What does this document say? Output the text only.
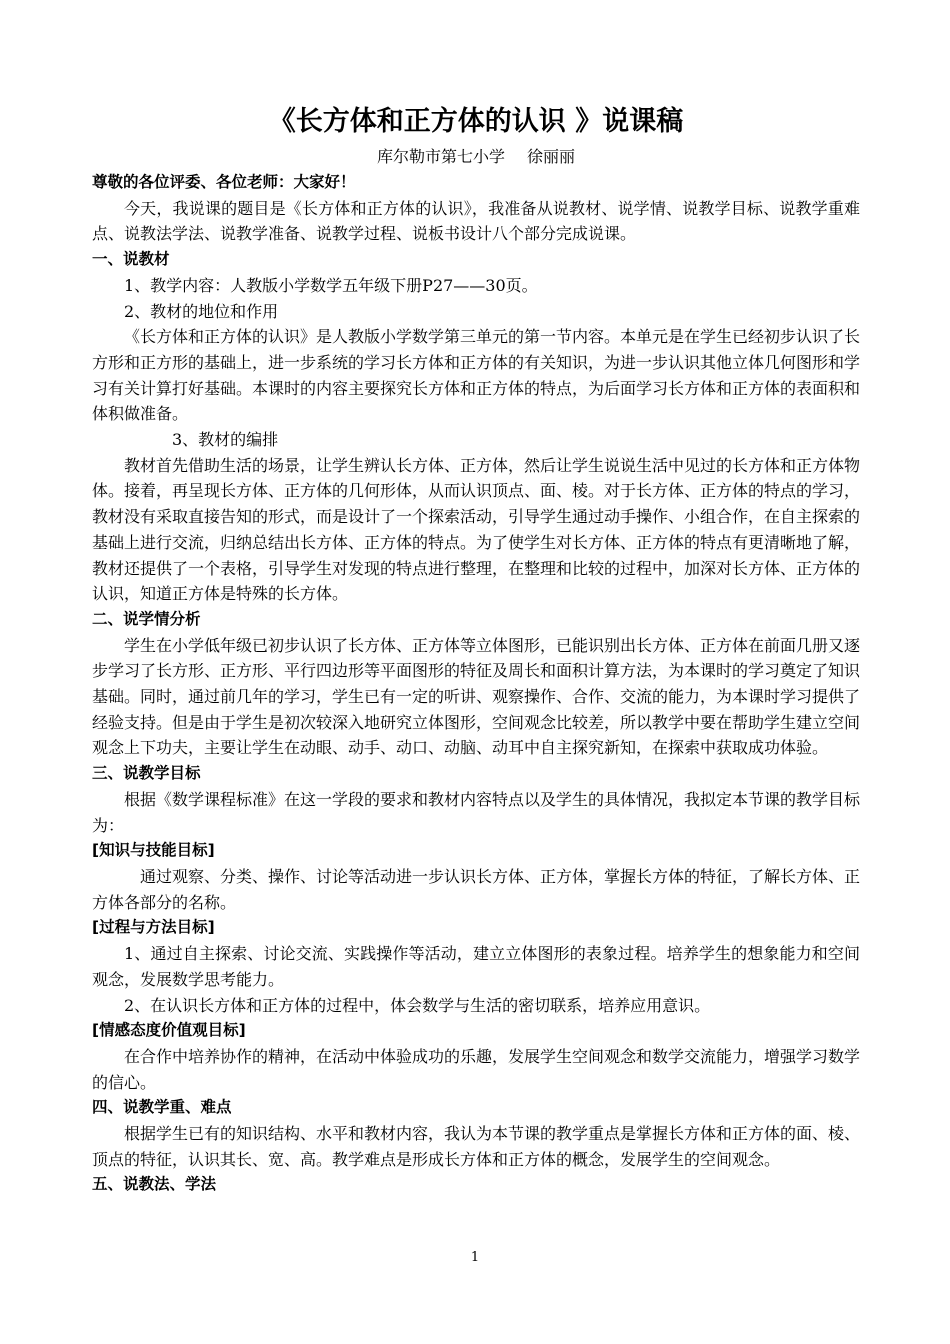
《长方体和正方体的认识 》说课稿

库尔勒市第七小学 徐丽丽

尊敬的各位评委、各位老师：大家好！

今天，我说课的题目是《长方体和正方体的认识》，我准备从说教材、说学情、说教学目标、说教学重难点、说教法学法、说教学准备、说教学过程、说板书设计八个部分完成说课。

一、说教材

1、教学内容：人教版小学数学五年级下册P27——30页。

2、教材的地位和作用

《长方体和正方体的认识》是人教版小学数学第三单元的第一节内容。本单元是在学生已经初步认识了长方形和正方形的基础上，进一步系统的学习长方体和正方体的有关知识，为进一步认识其他立体几何图形和学习有关计算打好基础。本课时的内容主要探究长方体和正方体的特点，为后面学习长方体和正方体的表面积和体积做准备。

3、教材的编排

教材首先借助生活的场景，让学生辨认长方体、正方体，然后让学生说说生活中见过的长方体和正方体物体。接着，再呈现长方体、正方体的几何形体，从而认识顶点、面、棱。对于长方体、正方体的特点的学习，教材没有采取直接告知的形式，而是设计了一个探索活动，引导学生通过动手操作、小组合作，在自主探索的基础上进行交流，归纳总结出长方体、正方体的特点。为了使学生对长方体、正方体的特点有更清晰地了解，教材还提供了一个表格，引导学生对发现的特点进行整理，在整理和比较的过程中，加深对长方体、正方体的认识，知道正方体是特殊的长方体。

二、说学情分析

学生在小学低年级已初步认识了长方体、正方体等立体图形，已能识别出长方体、正方体在前面几册又逐步学习了长方形、正方形、平行四边形等平面图形的特征及周长和面积计算方法，为本课时的学习奠定了知识基础。同时，通过前几年的学习，学生已有一定的听讲、观察操作、合作、交流的能力，为本课时学习提供了经验支持。但是由于学生是初次较深入地研究立体图形，空间观念比较差，所以教学中要在帮助学生建立空间观念上下功夫，主要让学生在动眼、动手、动口、动脑、动耳中自主探究新知，在探索中获取成功体验。

三、说教学目标

根据《数学课程标准》在这一学段的要求和教材内容特点以及学生的具体情况，我拟定本节课的教学目标为：

[知识与技能目标]

通过观察、分类、操作、讨论等活动进一步认识长方体、正方体，掌握长方体的特征，了解长方体、正方体各部分的名称。

[过程与方法目标]

1、通过自主探索、讨论交流、实践操作等活动，建立立体图形的表象过程。培养学生的想象能力和空间观念，发展数学思考能力。

2、在认识长方体和正方体的过程中，体会数学与生活的密切联系，培养应用意识。

[情感态度价值观目标]

在合作中培养协作的精神，在活动中体验成功的乐趣，发展学生空间观念和数学交流能力，增强学习数学的信心。

四、说教学重、难点

根据学生已有的知识结构、水平和教材内容，我认为本节课的教学重点是掌握长方体和正方体的面、棱、顶点的特征，认识其长、宽、高。教学难点是形成长方体和正方体的概念，发展学生的空间观念。

五、说教法、学法

1
